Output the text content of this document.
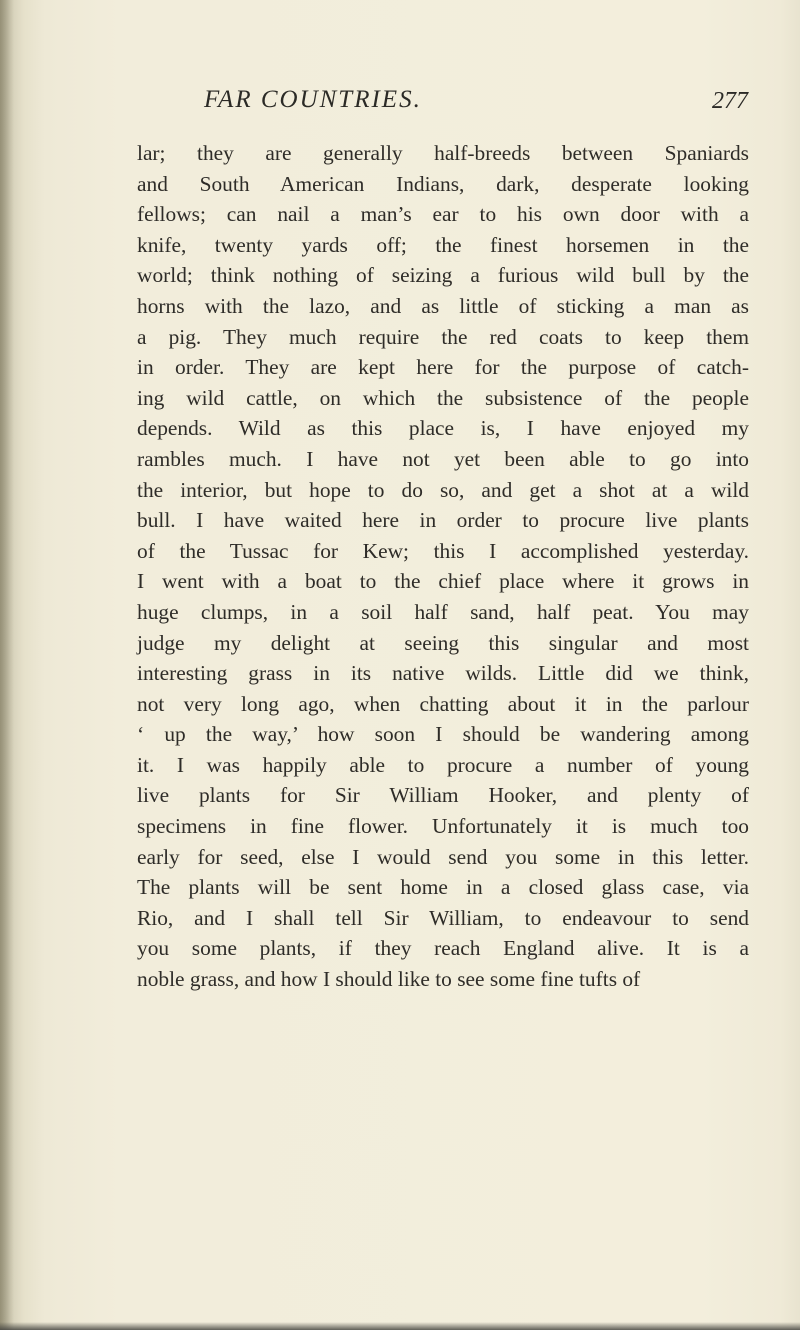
FAR COUNTRIES.	277
lar; they are generally half-breeds between Spaniards
and South American Indians, dark, desperate looking
fellows; can nail a man’s ear to his own door with a
knife, twenty yards off; the finest horsemen in the
world; think nothing of seizing a furious wild bull by the
horns with the lazo, and as little of sticking a man as
a pig. They much require the red coats to keep them
in order. They are kept here for the purpose of catch-
ing wild cattle, on which the subsistence of the people
depends. Wild as this place is, I have enjoyed my
rambles much. I have not yet been able to go into
the interior, but hope to do so, and get a shot at a wild
bull. I have waited here in order to procure live plants
of the Tussac for Kew; this I accomplished yesterday.
I went with a boat to the chief place where it grows in
huge clumps, in a soil half sand, half peat. You may
judge my delight at seeing this singular and most
interesting grass in its native wilds. Little did we think,
not very long ago, when chatting about it in the parlour
‘ up the way,’ how soon I should be wandering among
it. I was happily able to procure a number of young
live plants for Sir William Hooker, and plenty of
specimens in fine flower. Unfortunately it is much too
early for seed, else I would send you some in this letter.
The plants will be sent home in a closed glass case, via
Rio, and I shall tell Sir William, to endeavour to send
you some plants, if they reach England alive. It is a
noble grass, and how I should like to see some fine tufts of
